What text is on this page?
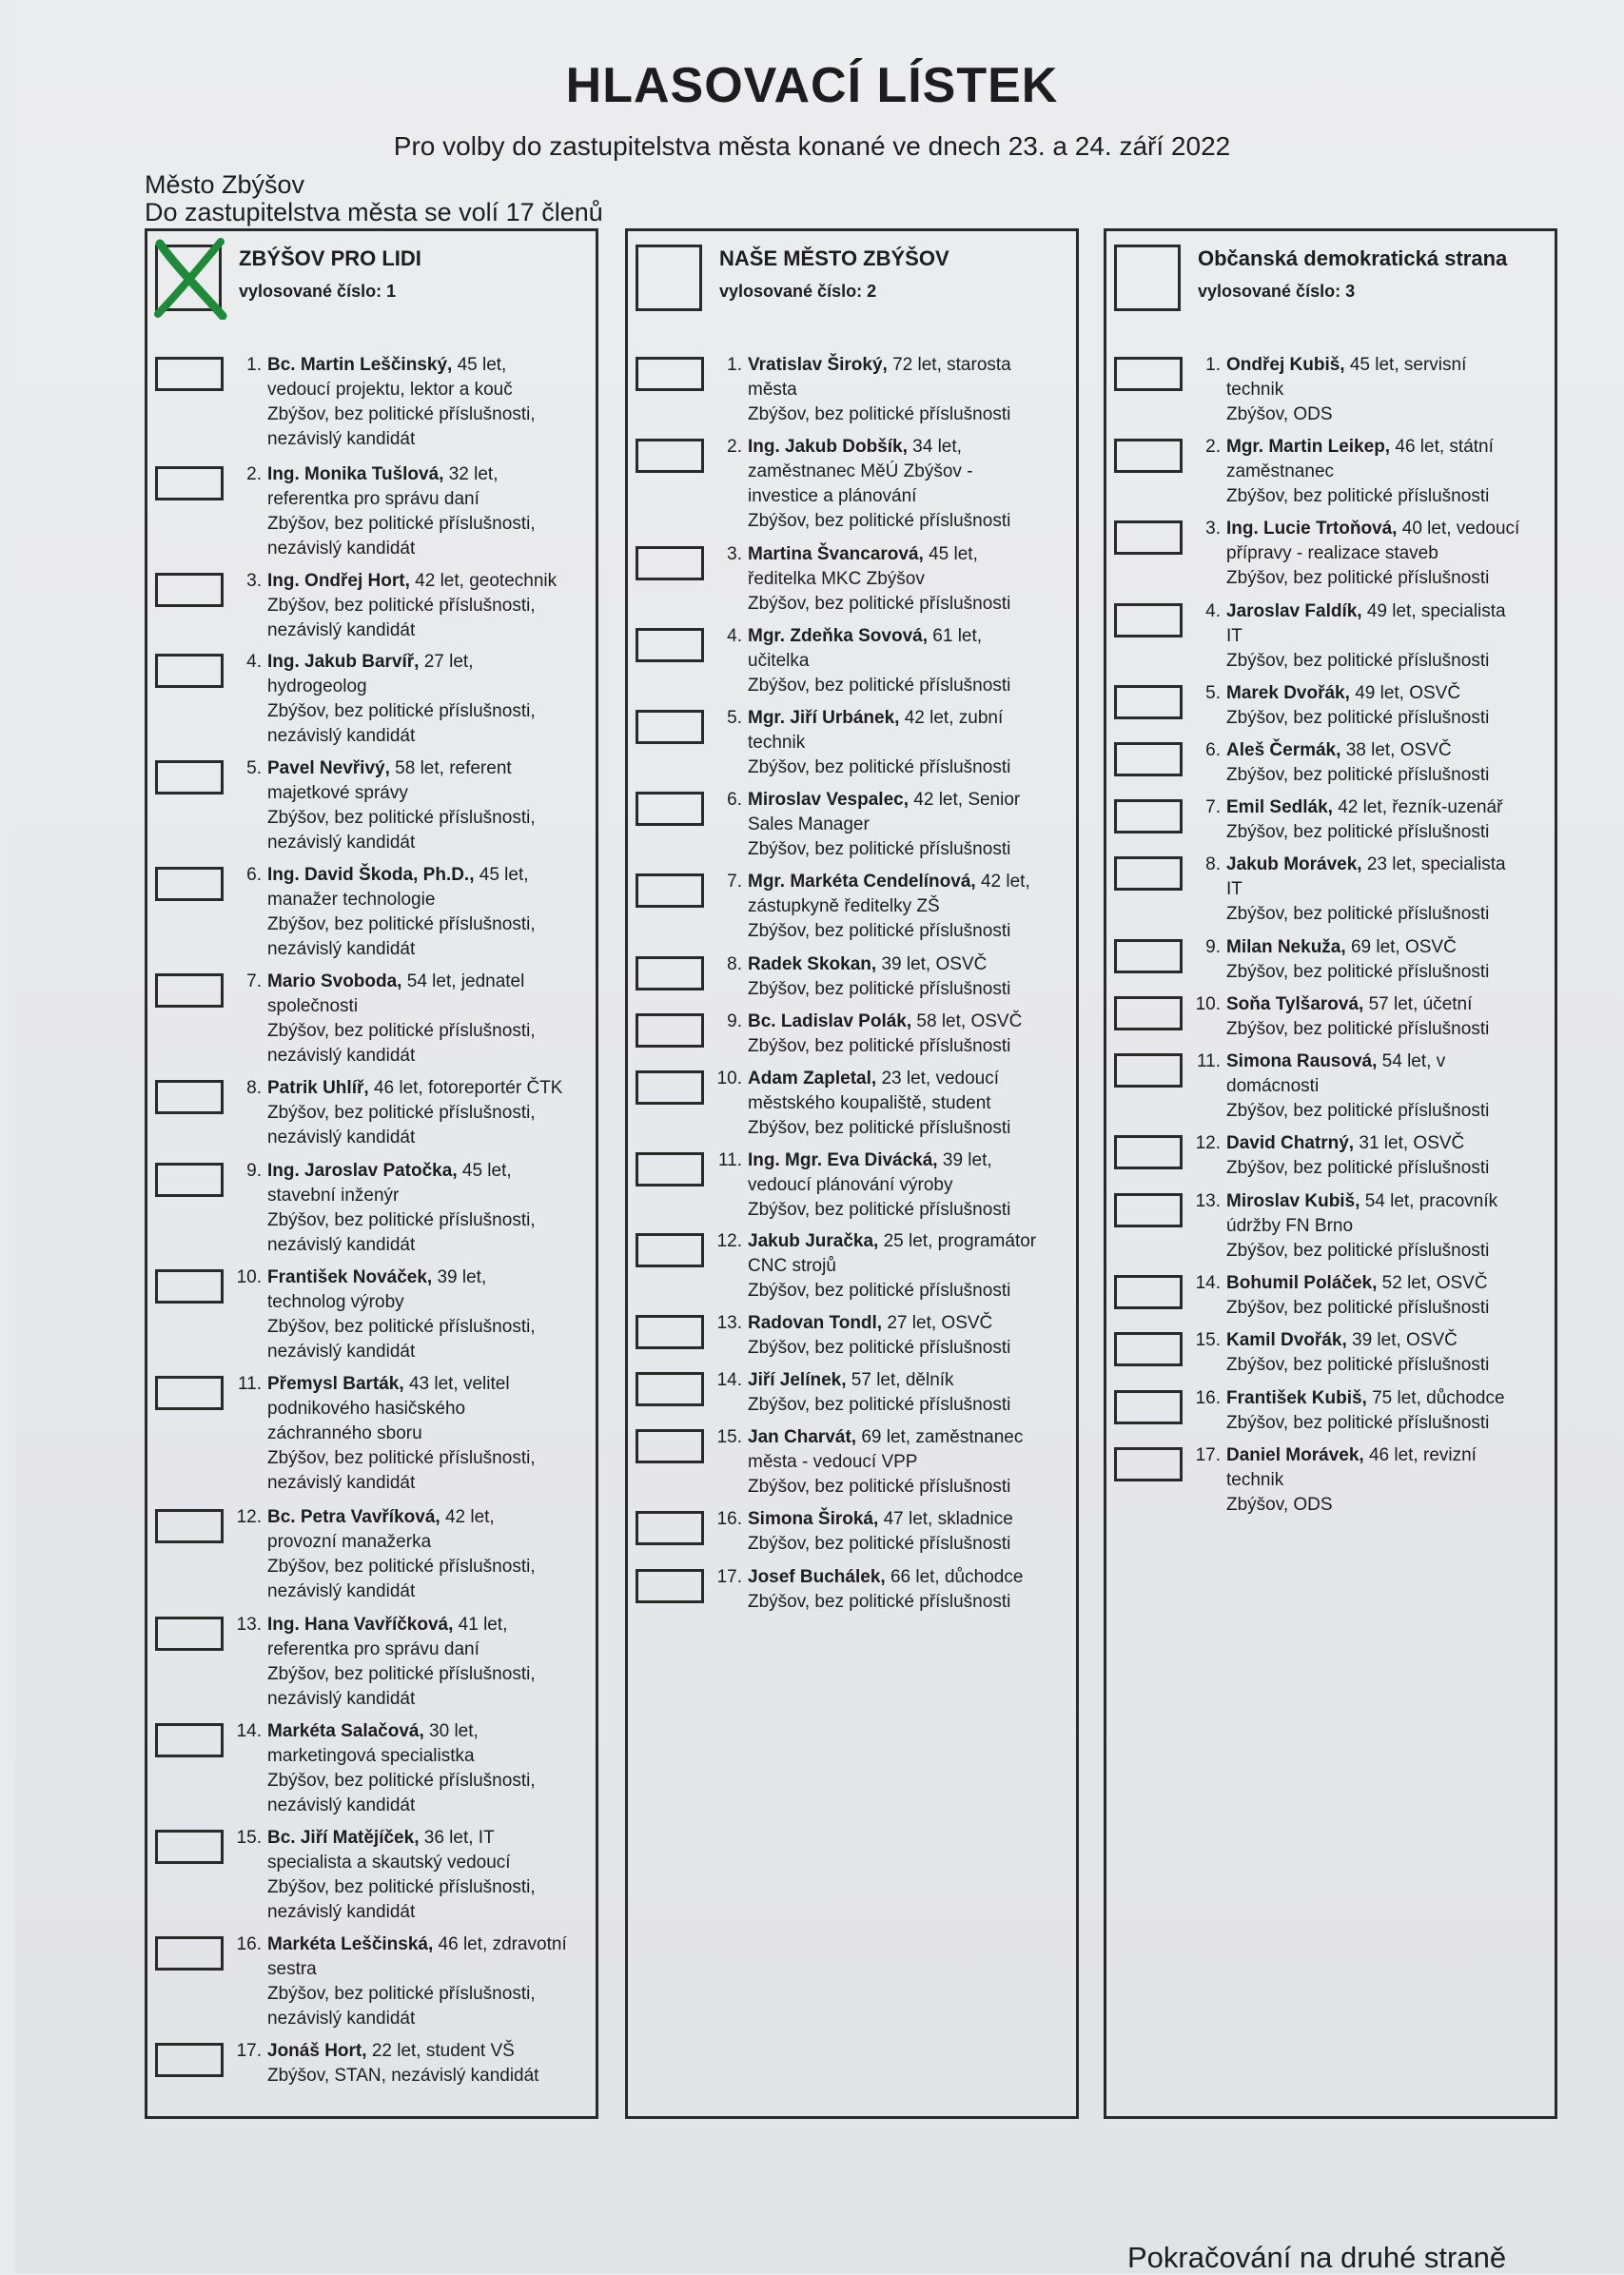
HLASOVACÍ LÍSTEK
Pro volby do zastupitelstva města konané ve dnech 23. a 24. září 2022
Město Zbýšov
Do zastupitelstva města se volí 17 členů
ZBÝŠOV PRO LIDI
vylosované číslo: 1
1. Bc. Martin Leščinský, 45 let,
vedoucí projektu, lektor a kouč
Zbýšov, bez politické příslušnosti,
nezávislý kandidát
2. Ing. Monika Tušlová, 32 let,
referentka pro správu daní
Zbýšov, bez politické příslušnosti,
nezávislý kandidát
3. Ing. Ondřej Hort, 42 let, geotechnik
Zbýšov, bez politické příslušnosti,
nezávislý kandidát
4. Ing. Jakub Barvíř, 27 let,
hydrogeolog
Zbýšov, bez politické příslušnosti,
nezávislý kandidát
5. Pavel Nevřivý, 58 let, referent
majetkové správy
Zbýšov, bez politické příslušnosti,
nezávislý kandidát
6. Ing. David Škoda, Ph.D., 45 let,
manažer technologie
Zbýšov, bez politické příslušnosti,
nezávislý kandidát
7. Mario Svoboda, 54 let, jednatel
společnosti
Zbýšov, bez politické příslušnosti,
nezávislý kandidát
8. Patrik Uhlíř, 46 let, fotoreportér ČTK
Zbýšov, bez politické příslušnosti,
nezávislý kandidát
9. Ing. Jaroslav Patočka, 45 let,
stavební inženýr
Zbýšov, bez politické příslušnosti,
nezávislý kandidát
10. František Nováček, 39 let,
technolog výroby
Zbýšov, bez politické příslušnosti,
nezávislý kandidát
11. Přemysl Barták, 43 let, velitel
podnikového hasičského
záchranného sboru
Zbýšov, bez politické příslušnosti,
nezávislý kandidát
12. Bc. Petra Vavříková, 42 let,
provozní manažerka
Zbýšov, bez politické příslušnosti,
nezávislý kandidát
13. Ing. Hana Vavříčková, 41 let,
referentka pro správu daní
Zbýšov, bez politické příslušnosti,
nezávislý kandidát
14. Markéta Salačová, 30 let,
marketingová specialistka
Zbýšov, bez politické příslušnosti,
nezávislý kandidát
15. Bc. Jiří Matějíček, 36 let, IT
specialista a skautský vedoucí
Zbýšov, bez politické příslušnosti,
nezávislý kandidát
16. Markéta Leščinská, 46 let, zdravotní
sestra
Zbýšov, bez politické příslušnosti,
nezávislý kandidát
17. Jonáš Hort, 22 let, student VŠ
Zbýšov, STAN, nezávislý kandidát
NAŠE MĚSTO ZBÝŠOV
vylosované číslo: 2
1. Vratislav Široký, 72 let, starosta
města
Zbýšov, bez politické příslušnosti
2. Ing. Jakub Dobšík, 34 let,
zaměstnanec MěÚ Zbýšov -
investice a plánování
Zbýšov, bez politické příslušnosti
3. Martina Švancarová, 45 let,
ředitelka MKC Zbýšov
Zbýšov, bez politické příslušnosti
4. Mgr. Zdeňka Sovová, 61 let,
učitelka
Zbýšov, bez politické příslušnosti
5. Mgr. Jiří Urbánek, 42 let, zubní
technik
Zbýšov, bez politické příslušnosti
6. Miroslav Vespalec, 42 let, Senior
Sales Manager
Zbýšov, bez politické příslušnosti
7. Mgr. Markéta Cendelínová, 42 let,
zástupkyně ředitelky ZŠ
Zbýšov, bez politické příslušnosti
8. Radek Skokan, 39 let, OSVČ
Zbýšov, bez politické příslušnosti
9. Bc. Ladislav Polák, 58 let, OSVČ
Zbýšov, bez politické příslušnosti
10. Adam Zapletal, 23 let, vedoucí
městského koupaliště, student
Zbýšov, bez politické příslušnosti
11. Ing. Mgr. Eva Divácká, 39 let,
vedoucí plánování výroby
Zbýšov, bez politické příslušnosti
12. Jakub Juračka, 25 let, programátor
CNC strojů
Zbýšov, bez politické příslušnosti
13. Radovan Tondl, 27 let, OSVČ
Zbýšov, bez politické příslušnosti
14. Jiří Jelínek, 57 let, dělník
Zbýšov, bez politické příslušnosti
15. Jan Charvát, 69 let, zaměstnanec
města - vedoucí VPP
Zbýšov, bez politické příslušnosti
16. Simona Široká, 47 let, skladnice
Zbýšov, bez politické příslušnosti
17. Josef Buchálek, 66 let, důchodce
Zbýšov, bez politické příslušnosti
Občanská demokratická strana
vylosované číslo: 3
1. Ondřej Kubiš, 45 let, servisní
technik
Zbýšov, ODS
2. Mgr. Martin Leikep, 46 let, státní
zaměstnanec
Zbýšov, bez politické příslušnosti
3. Ing. Lucie Trtoňová, 40 let, vedoucí
přípravy - realizace staveb
Zbýšov, bez politické příslušnosti
4. Jaroslav Faldík, 49 let, specialista
IT
Zbýšov, bez politické příslušnosti
5. Marek Dvořák, 49 let, OSVČ
Zbýšov, bez politické příslušnosti
6. Aleš Čermák, 38 let, OSVČ
Zbýšov, bez politické příslušnosti
7. Emil Sedlák, 42 let, řezník-uzenář
Zbýšov, bez politické příslušnosti
8. Jakub Morávek, 23 let, specialista
IT
Zbýšov, bez politické příslušnosti
9. Milan Nekuža, 69 let, OSVČ
Zbýšov, bez politické příslušnosti
10. Soňa Tylšarová, 57 let, účetní
Zbýšov, bez politické příslušnosti
11. Simona Rausová, 54 let, v
domácnosti
Zbýšov, bez politické příslušnosti
12. David Chatrný, 31 let, OSVČ
Zbýšov, bez politické příslušnosti
13. Miroslav Kubiš, 54 let, pracovník
údržby FN Brno
Zbýšov, bez politické příslušnosti
14. Bohumil Poláček, 52 let, OSVČ
Zbýšov, bez politické příslušnosti
15. Kamil Dvořák, 39 let, OSVČ
Zbýšov, bez politické příslušnosti
16. František Kubiš, 75 let, důchodce
Zbýšov, bez politické příslušnosti
17. Daniel Morávek, 46 let, revizní
technik
Zbýšov, ODS
Pokračování na druhé straně
